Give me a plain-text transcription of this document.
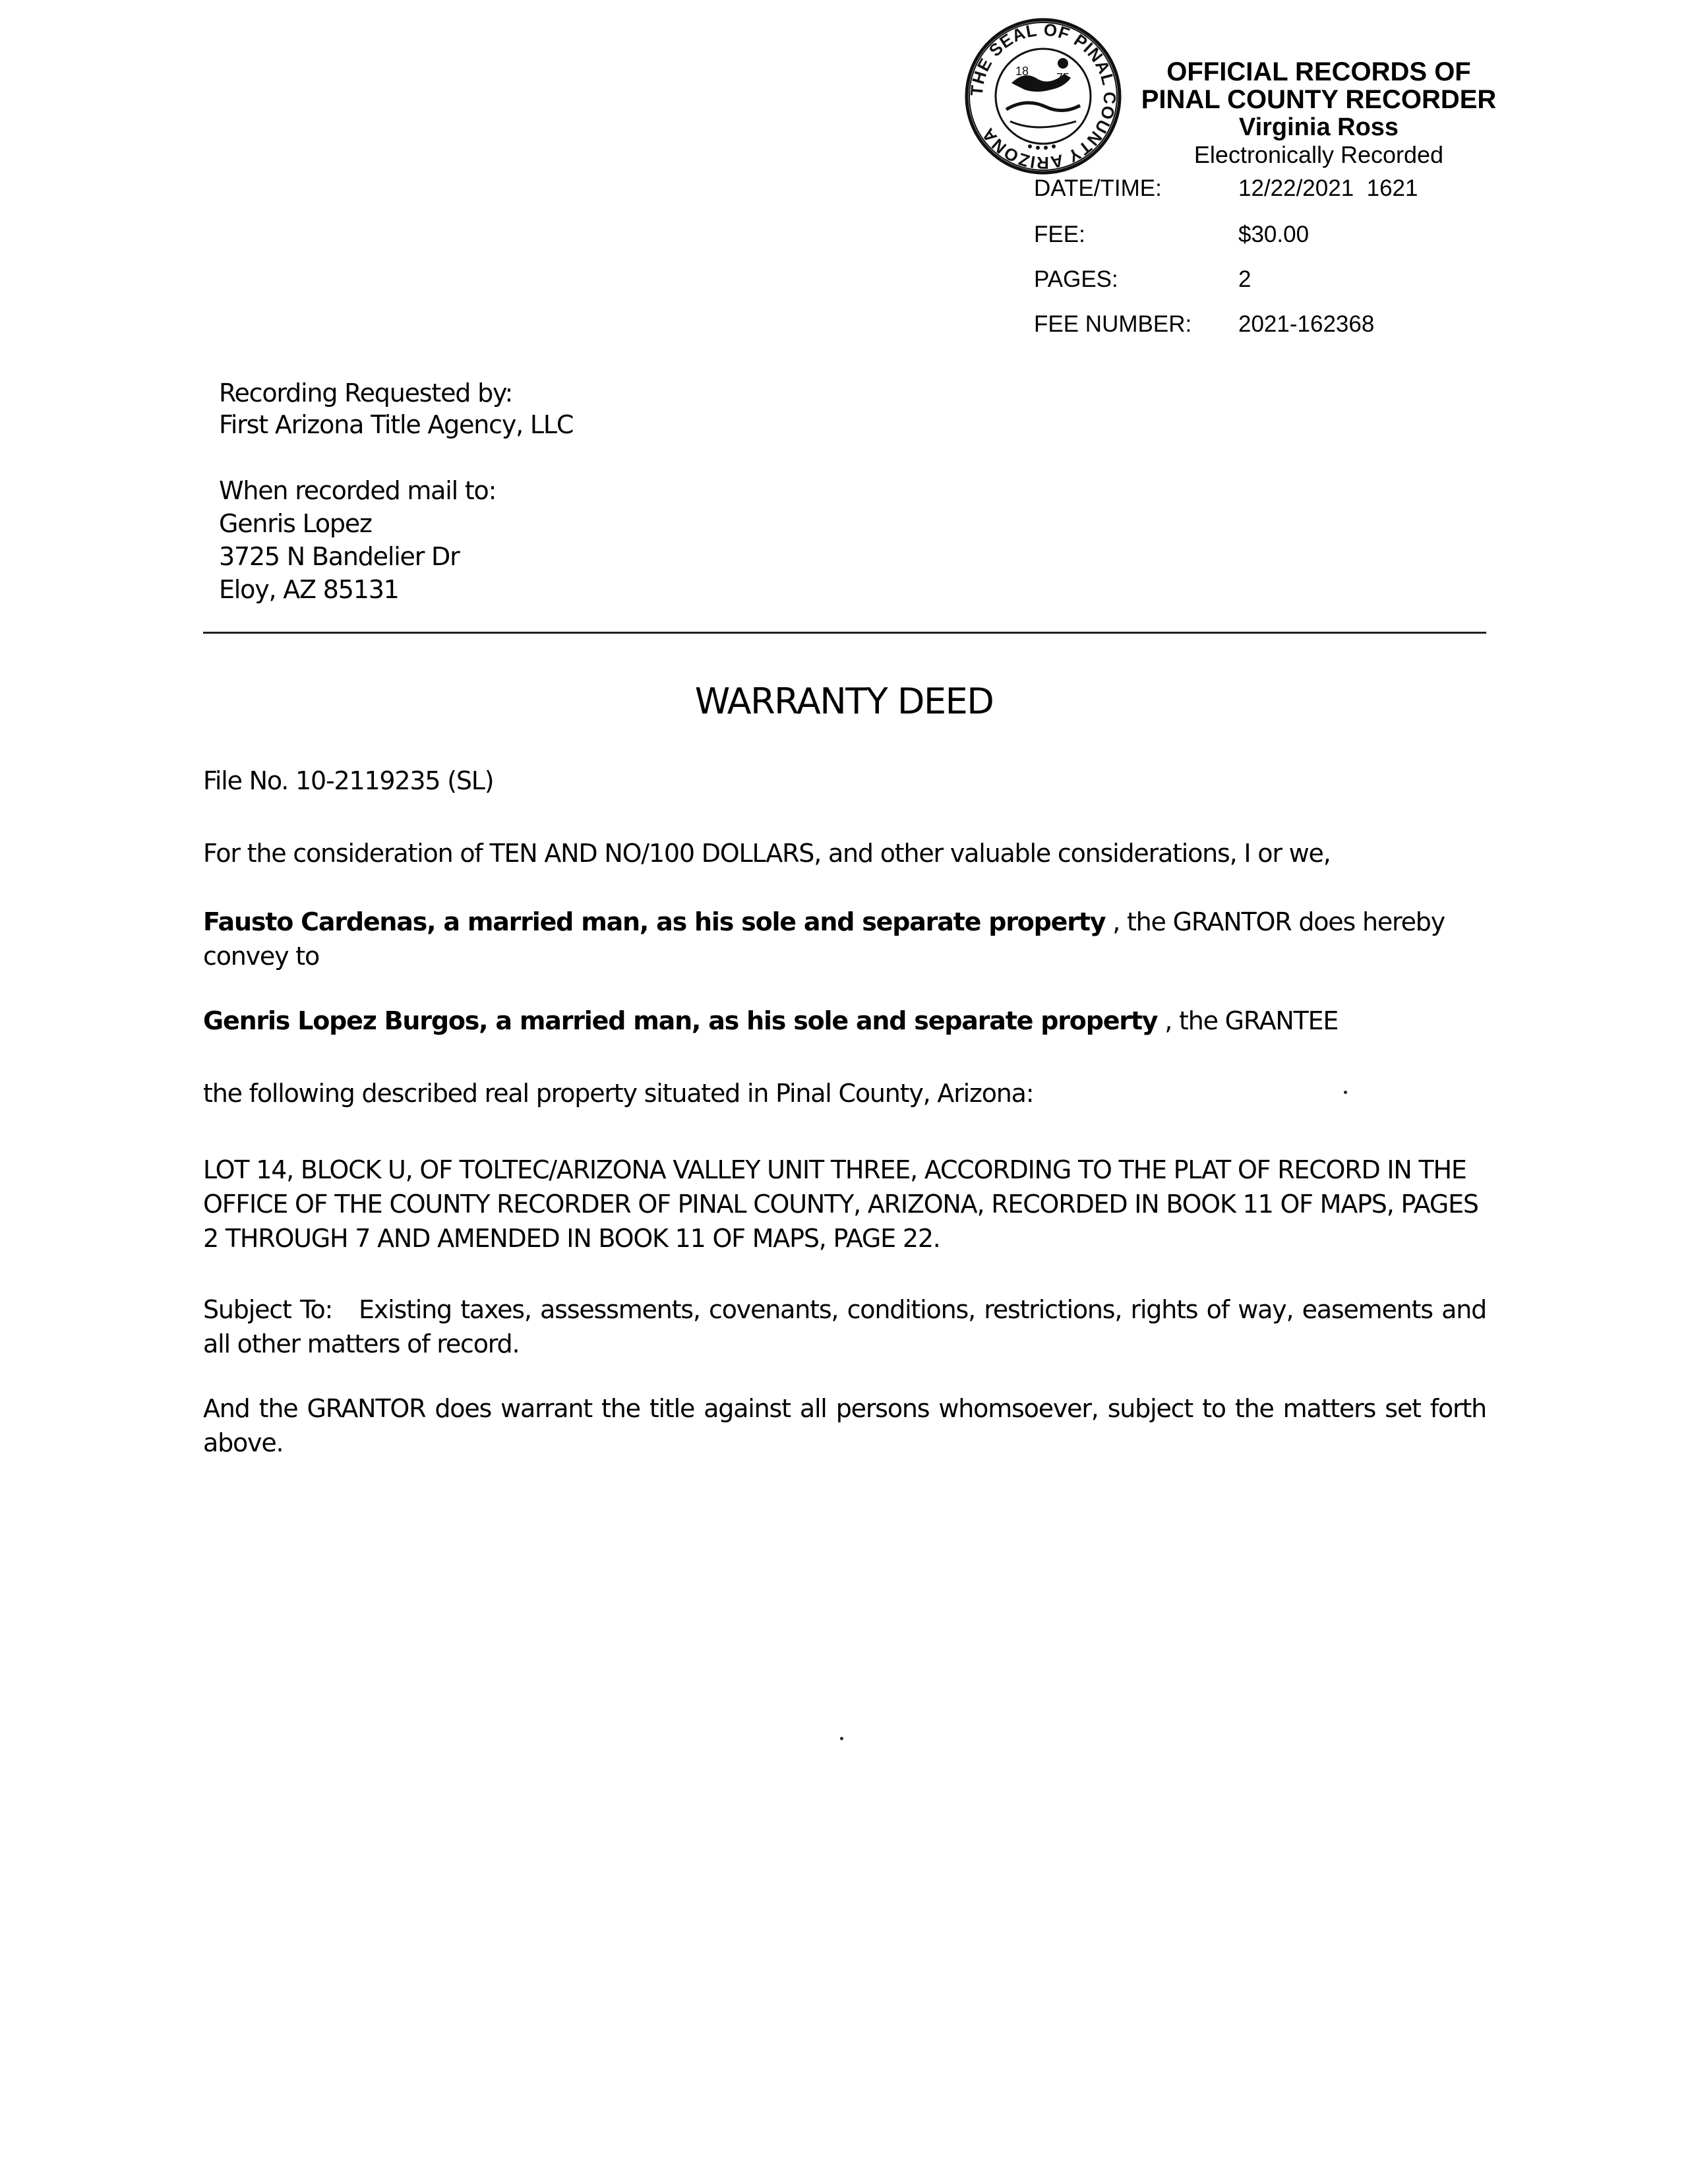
THE SEAL OF PINAL COUNTY ARIZONA
18 75	OFFICIAL RECORDS OF
PINAL COUNTY RECORDER
Virginia Ross
Electronically Recorded
DATE/TIME:	12/22/2021  1621
FEE:	$30.00
PAGES:	2
FEE NUMBER: 2021-162368
Recording Requested by:
First Arizona Title Agency, LLC
When recorded mail to:
Genris Lopez
3725 N Bandelier Dr
Eloy, AZ 85131
WARRANTY DEED
File No. 10-2119235 (SL)
For the consideration of TEN AND NO/100 DOLLARS, and other valuable considerations, I or we,
Fausto Cardenas, a married man, as his sole and separate property , the GRANTOR does hereby convey to
Genris Lopez Burgos, a married man, as his sole and separate property , the GRANTEE
the following described real property situated in Pinal County, Arizona:
LOT 14, BLOCK U, OF TOLTEC/ARIZONA VALLEY UNIT THREE, ACCORDING TO THE PLAT OF RECORD IN THE OFFICE OF THE COUNTY RECORDER OF PINAL COUNTY, ARIZONA, RECORDED IN BOOK 11 OF MAPS, PAGES 2 THROUGH 7 AND AMENDED IN BOOK 11 OF MAPS, PAGE 22.
Subject To: Existing taxes, assessments, covenants, conditions, restrictions, rights of way, easements and all other matters of record.
And the GRANTOR does warrant the title against all persons whomsoever, subject to the matters set forth above.
